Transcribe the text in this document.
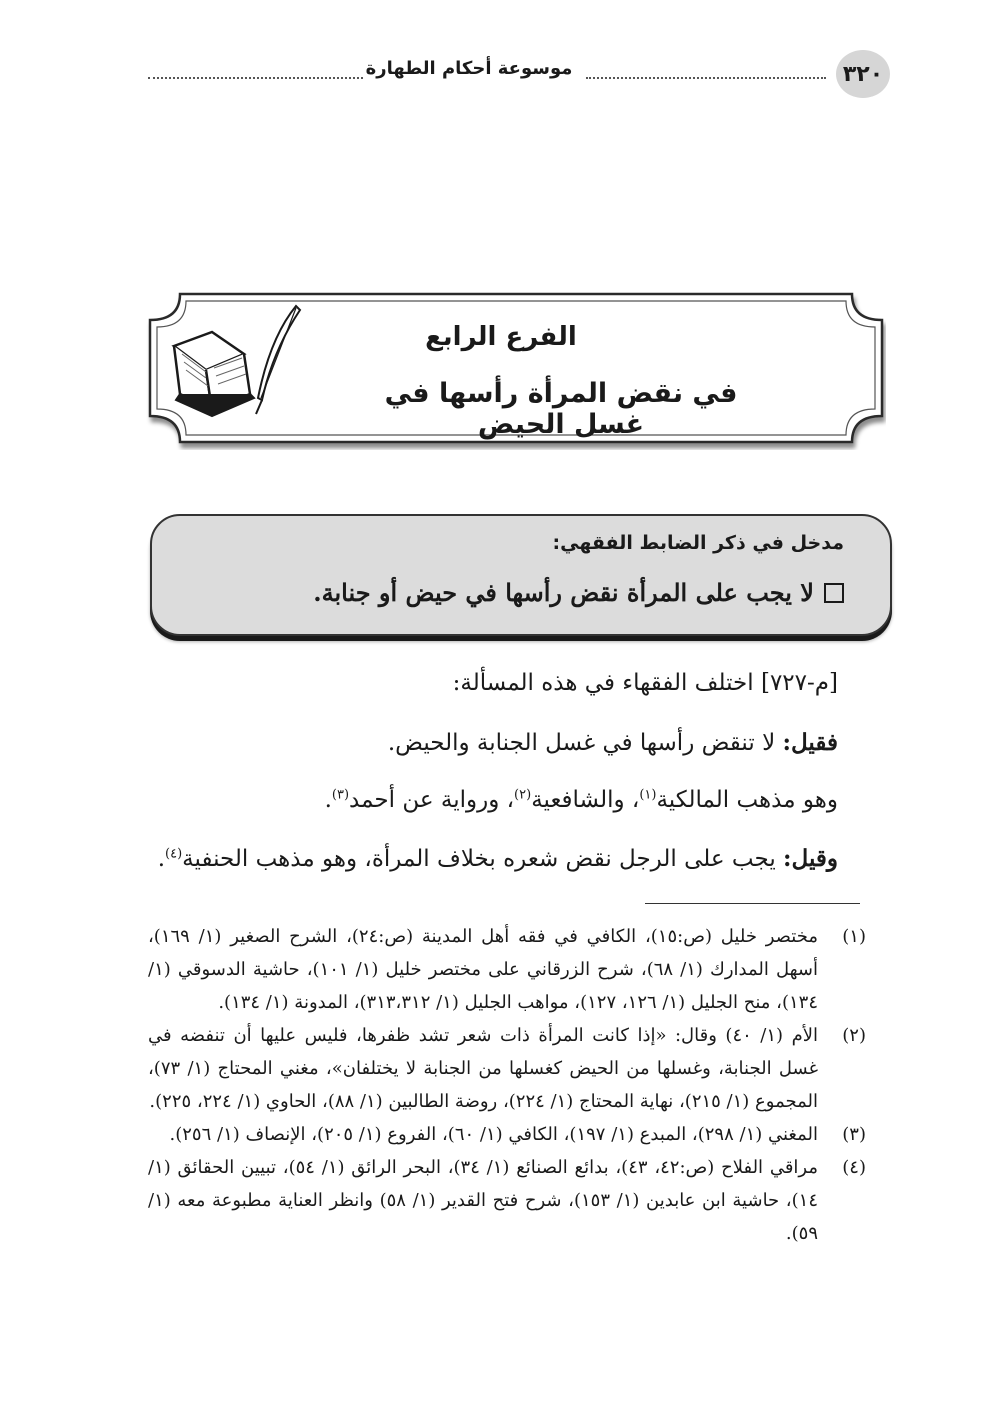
٣٢٠
موسوعة أحكام الطهارة
الفرع الرابع
في نقض المرأة رأسها في غسل الحيض
مدخل في ذكر الضابط الفقهي:
لا يجب على المرأة نقض رأسها في حيض أو جنابة.
[م-٧٢٧] اختلف الفقهاء في هذه المسألة:
فقيل: لا تنقض رأسها في غسل الجنابة والحيض.
وهو مذهب المالكية$^{(١)}$، والشافعية$^{(٢)}$، ورواية عن أحمد$^{(٣)}$.
وقيل: يجب على الرجل نقض شعره بخلاف المرأة، وهو مذهب الحنفية$^{(٤)}$.
(١)
مختصر خليل (ص:١٥)، الكافي في فقه أهل المدينة (ص:٢٤)، الشرح الصغير (١/ ١٦٩)، أسهل المدارك (١/ ٦٨)، شرح الزرقاني على مختصر خليل (١/ ١٠١)، حاشية الدسوقي (١/ ١٣٤)، منح الجليل (١/ ١٢٦، ١٢٧)، مواهب الجليل (١/ ٣١٣،٣١٢)، المدونة (١/ ١٣٤).
(٢)
الأم (١/ ٤٠) وقال: «إذا كانت المرأة ذات شعر تشد ظفرها، فليس عليها أن تنفضه في غسل الجنابة، وغسلها من الحيض كغسلها من الجنابة لا يختلفان»، مغني المحتاج (١/ ٧٣)، المجموع (١/ ٢١٥)، نهاية المحتاج (١/ ٢٢٤)، روضة الطالبين (١/ ٨٨)، الحاوي (١/ ٢٢٤، ٢٢٥).
(٣)
المغني (١/ ٢٩٨)، المبدع (١/ ١٩٧)، الكافي (١/ ٦٠)، الفروع (١/ ٢٠٥)، الإنصاف (١/ ٢٥٦).
(٤)
مراقي الفلاح (ص:٤٢، ٤٣)، بدائع الصنائع (١/ ٣٤)، البحر الرائق (١/ ٥٤)، تبيين الحقائق (١/ ١٤)، حاشية ابن عابدين (١/ ١٥٣)، شرح فتح القدير (١/ ٥٨) وانظر العناية مطبوعة معه (١/ ٥٩).
